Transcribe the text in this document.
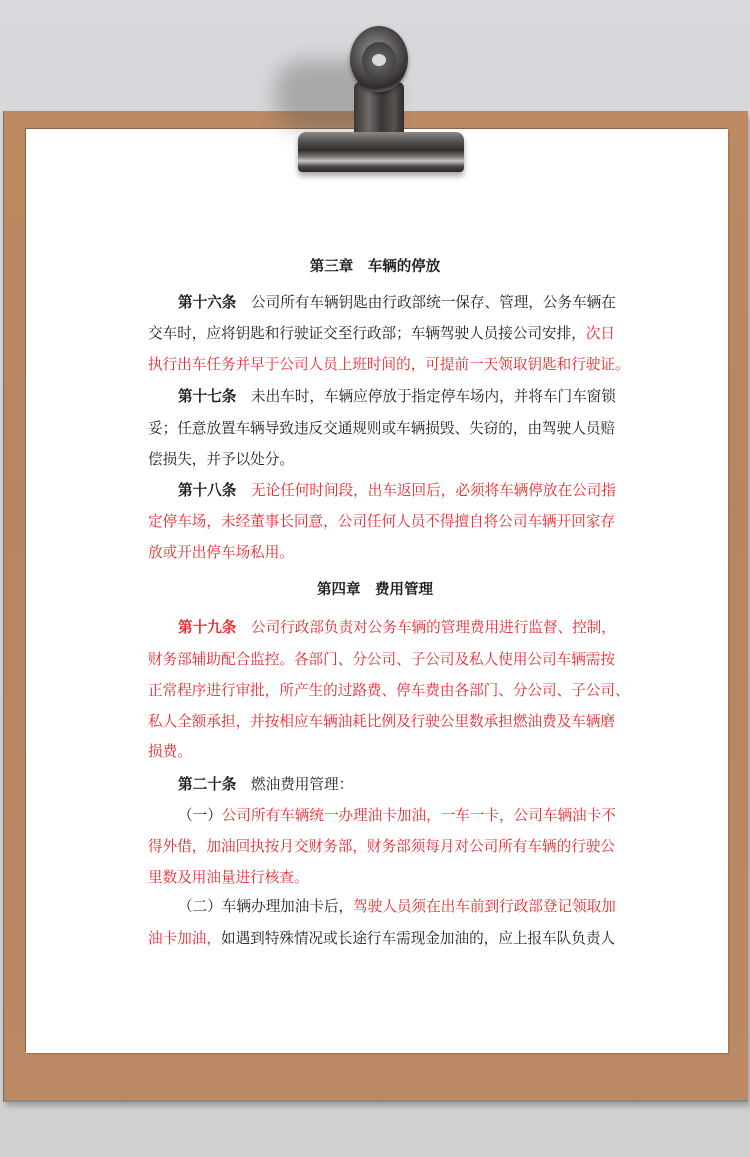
第三章　车辆的停放
第十六条　 公司所有车辆钥匙由行政部统一保存、管理，公务车辆在
交车时，应将钥匙和行驶证交至行政部；车辆驾驶人员接公司安排，次日
执行出车任务并早于公司人员上班时间的，可提前一天领取钥匙和行驶证。
第十七条　 未出车时，车辆应停放于指定停车场内，并将车门车窗锁
妥；任意放置车辆导致违反交通规则或车辆损毁、失窃的，由驾驶人员赔
偿损失，并予以处分。
第十八条　 无论任何时间段，出车返回后，必须将车辆停放在公司指
定停车场，未经董事长同意，公司任何人员不得擅自将公司车辆开回家存
放或开出停车场私用。
第四章　费用管理
第十九条　 公司行政部负责对公务车辆的管理费用进行监督、控制，
财务部辅助配合监控。各部门、分公司、子公司及私人使用公司车辆需按
正常程序进行审批，所产生的过路费、停车费由各部门、分公司、子公司、
私人全额承担，并按相应车辆油耗比例及行驶公里数承担燃油费及车辆磨
损费。
第二十条　 燃油费用管理：
（一）公司所有车辆统一办理油卡加油，一车一卡，公司车辆油卡不
得外借，加油回执按月交财务部，财务部须每月对公司所有车辆的行驶公
里数及用油量进行核查。
（二）车辆办理加油卡后，驾驶人员须在出车前到行政部登记领取加
油卡加油，如遇到特殊情况或长途行车需现金加油的，应上报车队负责人
